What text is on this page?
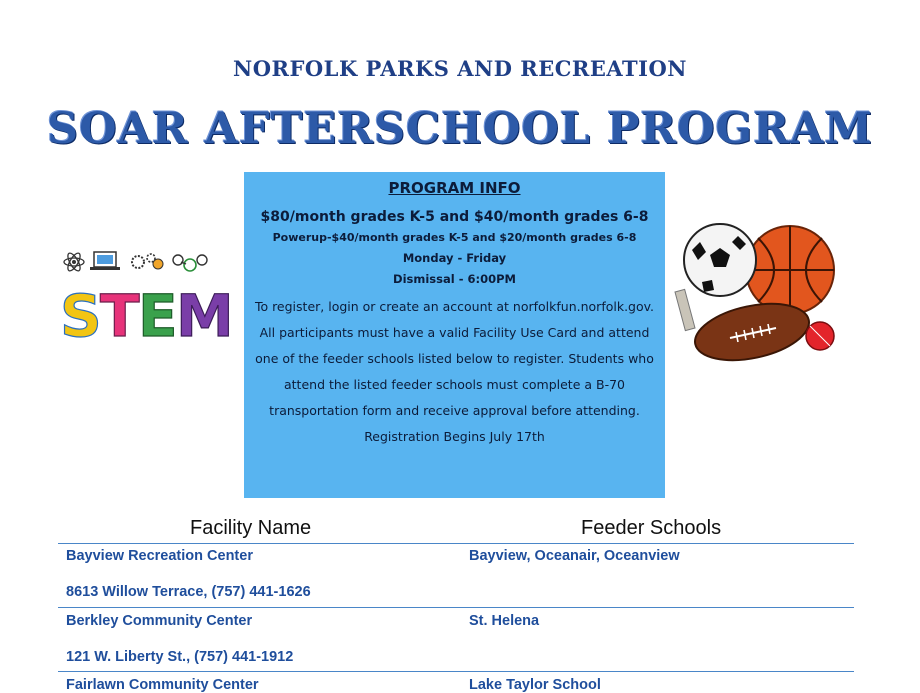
NORFOLK PARKS AND RECREATION
SOAR AFTERSCHOOL PROGRAM
S
T
E
M
PROGRAM INFO
$80/month grades K-5 and $40/month grades 6-8
Powerup-$40/month grades K-5 and $20/month grades 6-8
Monday - Friday
Dismissal - 6:00PM
To register, login or create an account at norfolkfun.norfolk.gov. All participants must have a valid Facility Use Card and attend one of the feeder schools listed below to register. Students who attend the listed feeder schools must complete a B-70 transportation form and receive approval before attending.
Registration Begins July 17th
Facility Name	Feeder Schools
Bayview Recreation Center	Bayview, Oceanair, Oceanview
8613 Willow Terrace, (757) 441-1626
Berkley Community Center	St. Helena
121 W. Liberty St., (757) 441-1912
Fairlawn Community Center	Lake Taylor School
